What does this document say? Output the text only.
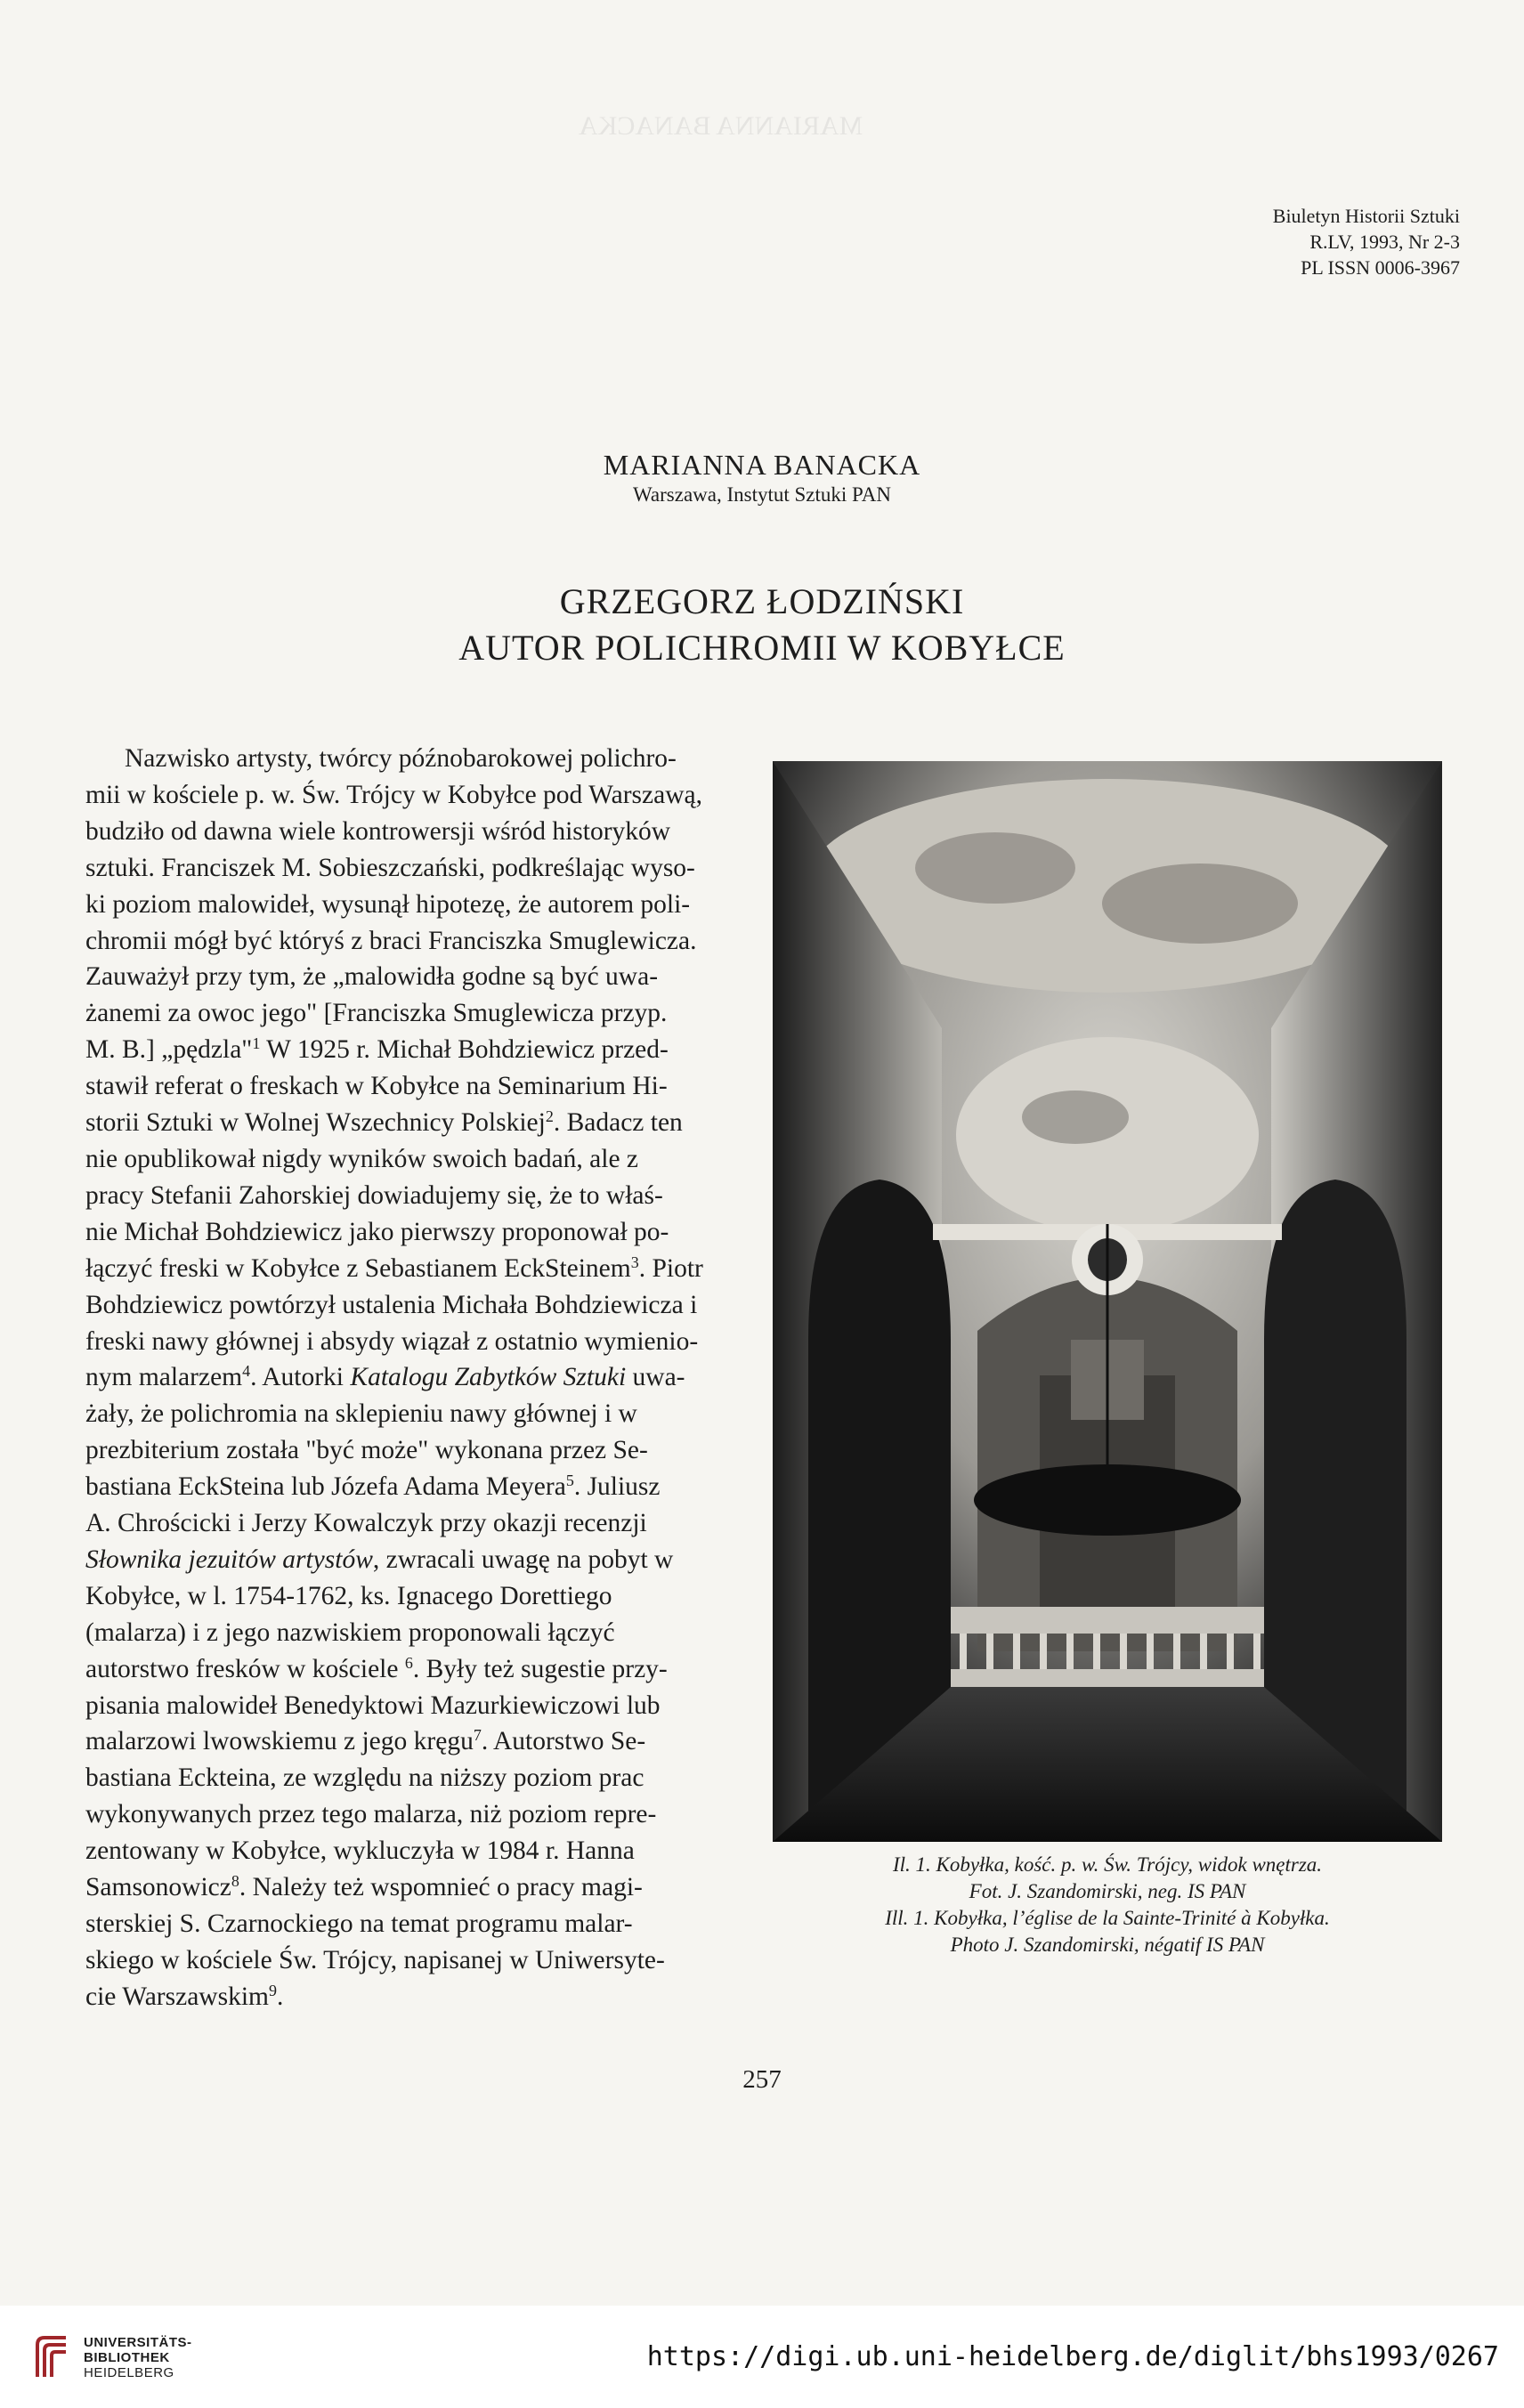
MARIANNA BANACKA
Biuletyn Historii Sztuki
R.LV, 1993, Nr 2-3
PL ISSN 0006-3967
MARIANNA BANACKA
Warszawa, Instytut Sztuki PAN
GRZEGORZ ŁODZIŃSKI
AUTOR POLICHROMII W KOBYŁCE
Nazwisko artysty, twórcy późnobarokowej polichro-
mii w kościele p. w. Św. Trójcy w Kobyłce pod Warszawą,
budziło od dawna wiele kontrowersji wśród historyków
sztuki. Franciszek M. Sobieszczański, podkreślając wyso-
ki poziom malowideł, wysunął hipotezę, że autorem poli-
chromii mógł być któryś z braci Franciszka Smuglewicza.
Zauważył przy tym, że „malowidła godne są być uwa-
żanemi za owoc jego" [Franciszka Smuglewicza przyp.
M. B.] „pędzla"$^1$ W 1925 r. Michał Bohdziewicz przed-
stawił referat o freskach w Kobyłce na Seminarium Hi-
storii Sztuki w Wolnej Wszechnicy Polskiej$^2$. Badacz ten
nie opublikował nigdy wyników swoich badań, ale z
pracy Stefanii Zahorskiej dowiadujemy się, że to właś-
nie Michał Bohdziewicz jako pierwszy proponował po-
łączyć freski w Kobyłce z Sebastianem EckSteinem$^3$. Piotr
Bohdziewicz powtórzył ustalenia Michała Bohdziewicza i
freski nawy głównej i absydy wiązał z ostatnio wymienio-
nym malarzem$^4$. Autorki Katalogu Zabytków Sztuki uwa-
żały, że polichromia na sklepieniu nawy głównej i w
prezbiterium została "być może" wykonana przez Se-
bastiana EckSteina lub Józefa Adama Meyera$^5$. Juliusz
A. Chrościcki i Jerzy Kowalczyk przy okazji recenzji
Słownika jezuitów artystów, zwracali uwagę na pobyt w
Kobyłce, w l. 1754-1762, ks. Ignacego Dorettiego
(malarza) i z jego nazwiskiem proponowali łączyć
autorstwo fresków w kościele $^6$. Były też sugestie przy-
pisania malowideł Benedyktowi Mazurkiewiczowi lub
malarzowi lwowskiemu z jego kręgu$^7$. Autorstwo Se-
bastiana Eckteina, ze względu na niższy poziom prac
wykonywanych przez tego malarza, niż poziom repre-
zentowany w Kobyłce, wykluczyła w 1984 r. Hanna
Samsonowicz$^8$. Należy też wspomnieć o pracy magi-
sterskiej S. Czarnockiego na temat programu malar-
skiego w kościele Św. Trójcy, napisanej w Uniwersyte-
cie Warszawskim$^9$.
Il. 1. Kobyłka, kość. p. w. Św. Trójcy, widok wnętrza.
Fot. J. Szandomirski, neg. IS PAN
Ill. 1. Kobyłka, l’église de la Sainte-Trinité à Kobyłka.
Photo J. Szandomirski, négatif IS PAN
257
UNIVERSITÄTS-
BIBLIOTHEK
HEIDELBERG	https://digi.ub.uni-heidelberg.de/diglit/bhs1993/0267
